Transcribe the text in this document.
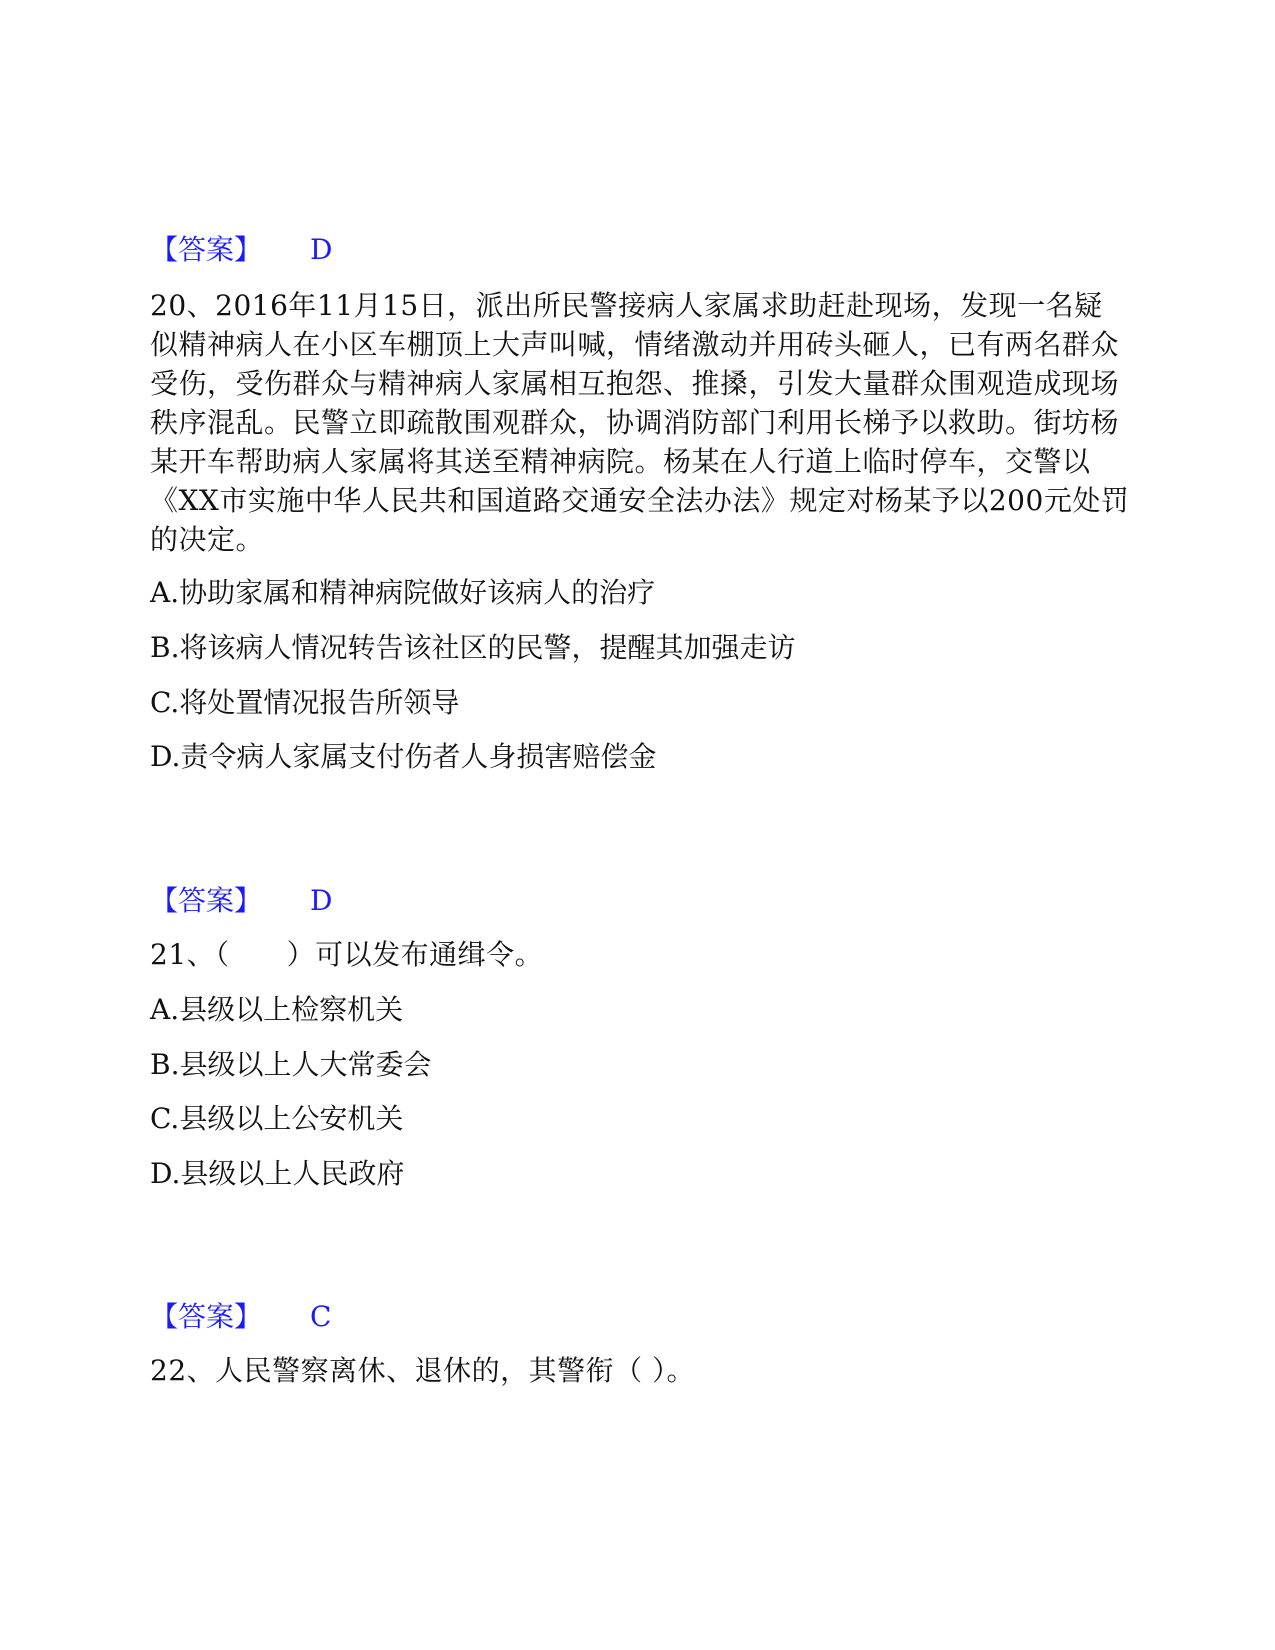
【答案】 D
20、2016年11月15日，派出所民警接病人家属求助赶赴现场，发现一名疑似精神病人在小区车棚顶上大声叫喊，情绪激动并用砖头砸人，已有两名群众受伤，受伤群众与精神病人家属相互抱怨、推搡，引发大量群众围观造成现场秩序混乱。民警立即疏散围观群众，协调消防部门利用长梯予以救助。街坊杨某开车帮助病人家属将其送至精神病院。杨某在人行道上临时停车，交警以《XX市实施中华人民共和国道路交通安全法办法》规定对杨某予以200元处罚的决定。
A.协助家属和精神病院做好该病人的治疗
B.将该病人情况转告该社区的民警，提醒其加强走访
C.将处置情况报告所领导
D.责令病人家属支付伤者人身损害赔偿金
【答案】 D
21、（　　）可以发布通缉令。
A.县级以上检察机关
B.县级以上人大常委会
C.县级以上公安机关
D.县级以上人民政府
【答案】 C
22、人民警察离休、退休的，其警衔（ ）。
